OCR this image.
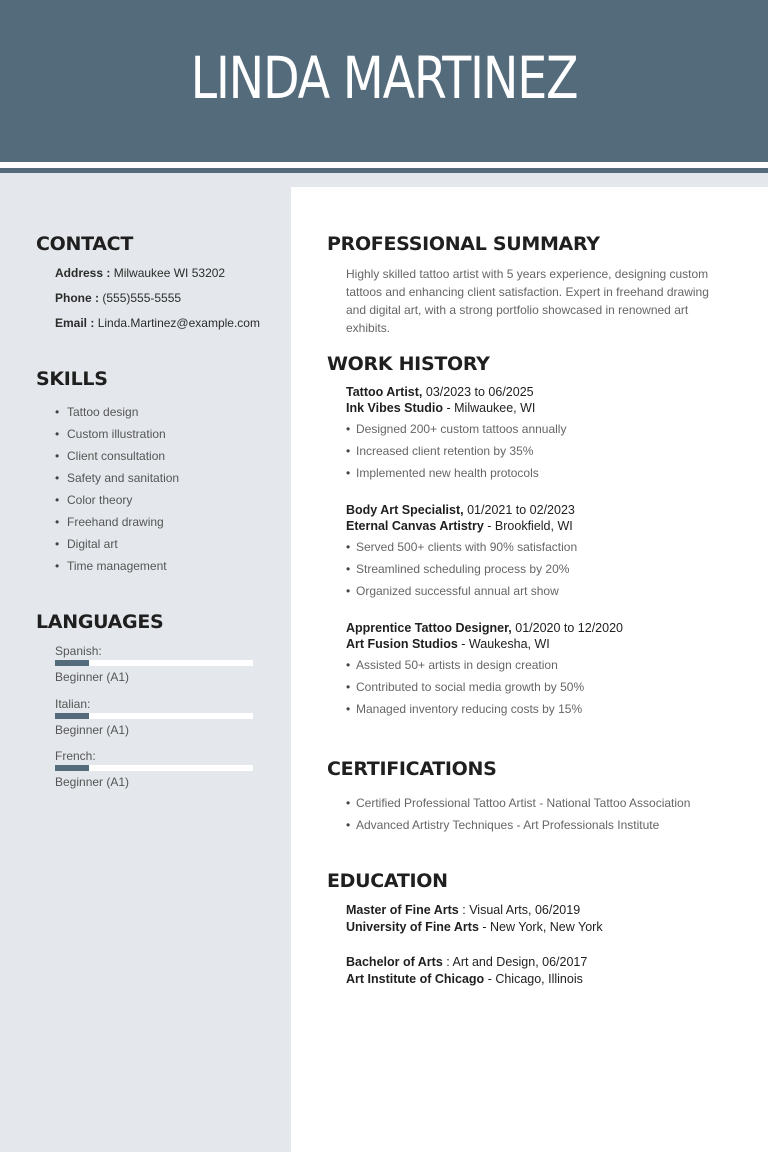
LINDA MARTINEZ
CONTACT
Address : Milwaukee WI 53202
Phone : (555)555-5555
Email : Linda.Martinez@example.com
SKILLS
• Tattoo design
• Custom illustration
• Client consultation
• Safety and sanitation
• Color theory
• Freehand drawing
• Digital art
• Time management
LANGUAGES
Spanish:
Beginner (A1)
Italian:
Beginner (A1)
French:
Beginner (A1)
PROFESSIONAL SUMMARY
Highly skilled tattoo artist with 5 years experience, designing custom tattoos and enhancing client satisfaction. Expert in freehand drawing and digital art, with a strong portfolio showcased in renowned art exhibits.
WORK HISTORY
Tattoo Artist, 03/2023 to 06/2025
Ink Vibes Studio - Milwaukee, WI
• Designed 200+ custom tattoos annually
• Increased client retention by 35%
• Implemented new health protocols
Body Art Specialist, 01/2021 to 02/2023
Eternal Canvas Artistry - Brookfield, WI
• Served 500+ clients with 90% satisfaction
• Streamlined scheduling process by 20%
• Organized successful annual art show
Apprentice Tattoo Designer, 01/2020 to 12/2020
Art Fusion Studios - Waukesha, WI
• Assisted 50+ artists in design creation
• Contributed to social media growth by 50%
• Managed inventory reducing costs by 15%
CERTIFICATIONS
• Certified Professional Tattoo Artist - National Tattoo Association
• Advanced Artistry Techniques - Art Professionals Institute
EDUCATION
Master of Fine Arts : Visual Arts, 06/2019
University of Fine Arts - New York, New York
Bachelor of Arts : Art and Design, 06/2017
Art Institute of Chicago - Chicago, Illinois
